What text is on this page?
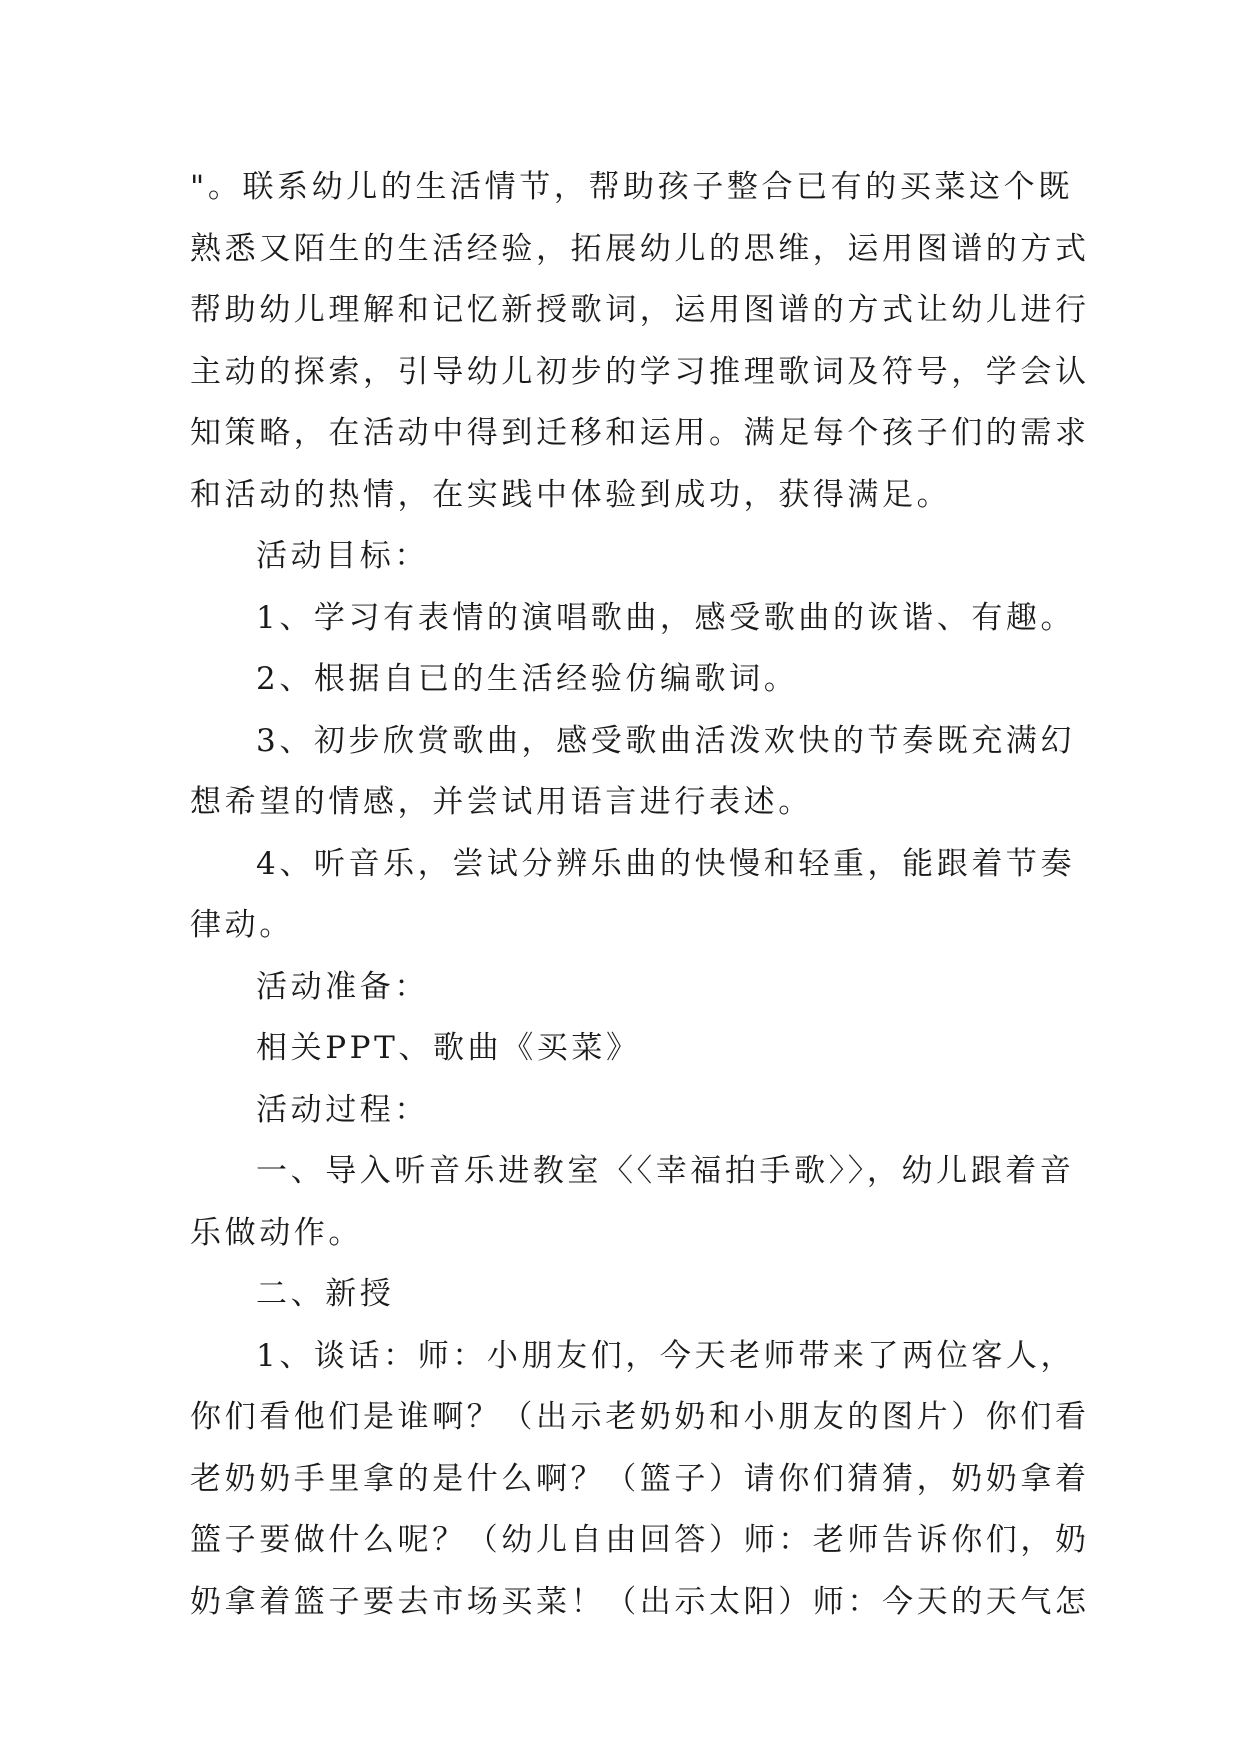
"。联系幼儿的生活情节，帮助孩子整合已有的买菜这个既
熟悉又陌生的生活经验，拓展幼儿的思维，运用图谱的方式
帮助幼儿理解和记忆新授歌词，运用图谱的方式让幼儿进行
主动的探索，引导幼儿初步的学习推理歌词及符号，学会认
知策略，在活动中得到迁移和运用。满足每个孩子们的需求
和活动的热情，在实践中体验到成功，获得满足。
活动目标：
1、学习有表情的演唱歌曲，感受歌曲的诙谐、有趣。
2、根据自已的生活经验仿编歌词。
3、初步欣赏歌曲，感受歌曲活泼欢快的节奏既充满幻
想希望的情感，并尝试用语言进行表述。
4、听音乐，尝试分辨乐曲的快慢和轻重，能跟着节奏
律动。
活动准备：
相关PPT、歌曲《买菜》
活动过程：
一、导入听音乐进教室〈〈幸福拍手歌〉〉，幼儿跟着音
乐做动作。
二、新授
1、谈话：师：小朋友们，今天老师带来了两位客人，
你们看他们是谁啊？（出示老奶奶和小朋友的图片）你们看
老奶奶手里拿的是什么啊？（篮子）请你们猜猜，奶奶拿着
篮子要做什么呢？（幼儿自由回答）师：老师告诉你们，奶
奶拿着篮子要去市场买菜！（出示太阳）师：今天的天气怎
